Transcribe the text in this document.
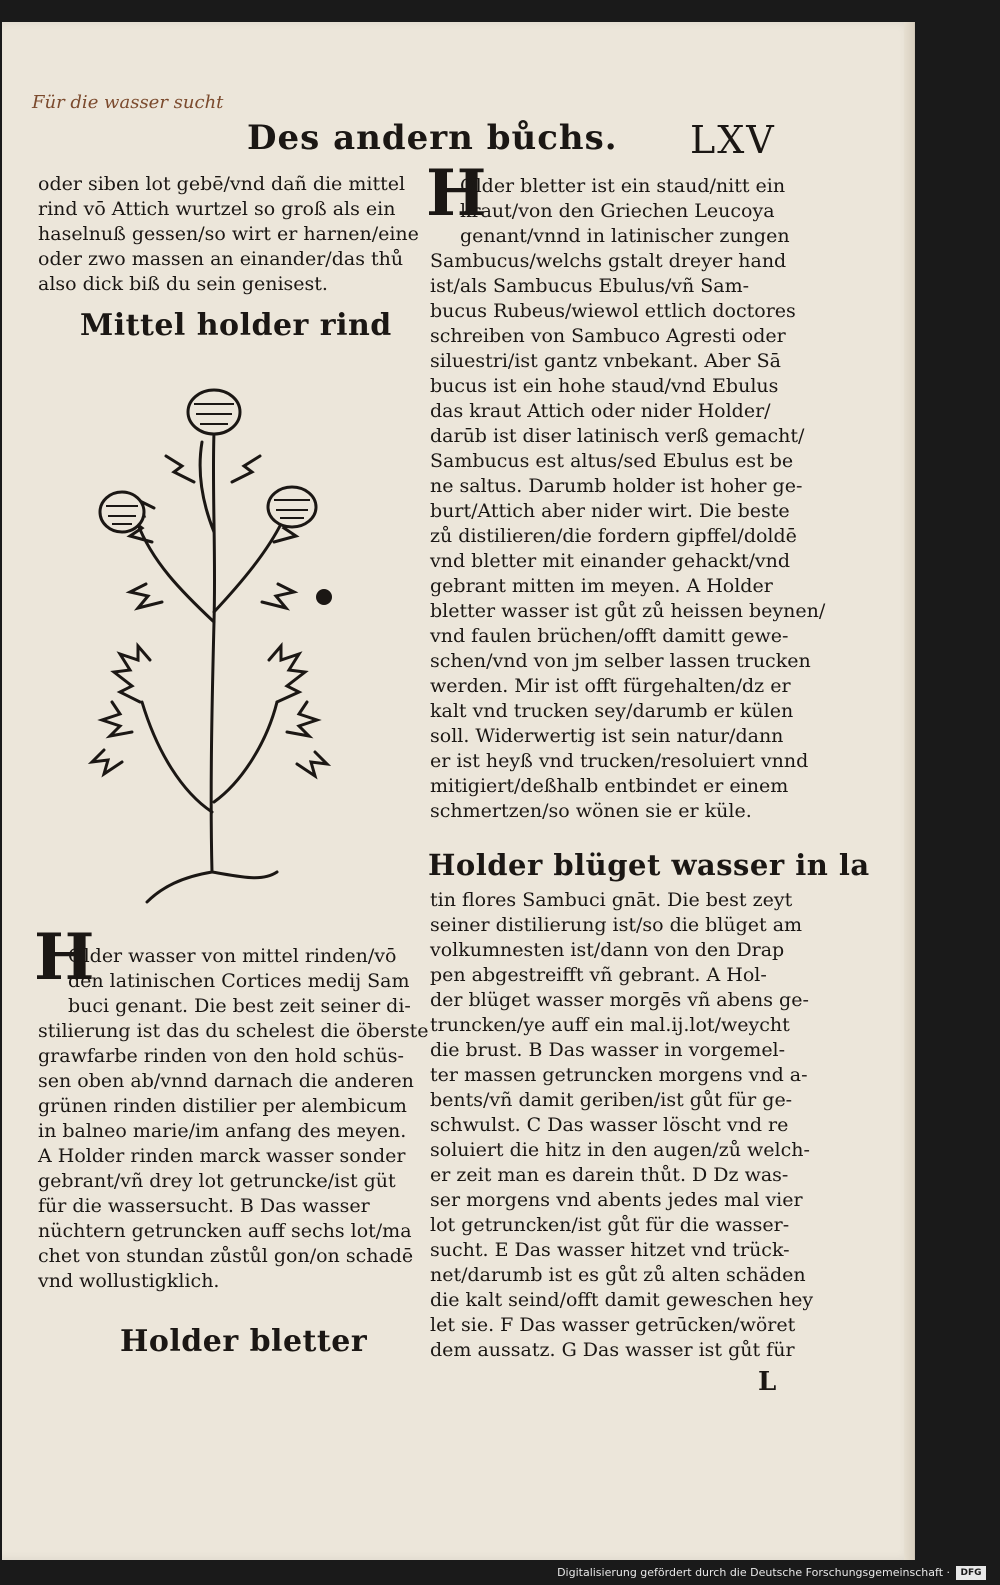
Für die wasser sucht
Des andern bůchs. LXV

oder siben lot gebē/vnd dañ die mittel

rind vō Attich wurtzel so groß als ein

haselnuß gessen/so wirt er harnen/eine

oder zwo massen an einander/das thů

also dick biß du sein genisest.

Mittel holder rind
H

Older wasser von mittel rinden/vō

den latinischen Cortices medij Sam

buci genant. Die best zeit seiner di-

stilierung ist das du schelest die öberste

grawfarbe rinden von den hold schüs-

sen oben ab/vnnd darnach die anderen

grünen rinden distilier per alembicum

in balneo marie/im anfang des meyen.

A Holder rinden marck wasser sonder

gebrant/vñ drey lot getruncke/ist güt

für die wassersucht. B Das wasser

nüchtern getruncken auff sechs lot/ma

chet von stundan zůstůl gon/on schadē

vnd wollustigklich.

Holder bletter
H

Older bletter ist ein staud/nitt ein

kraut/von den Griechen Leucoya

genant/vnnd in latinischer zungen

Sambucus/welchs gstalt dreyer hand

ist/als Sambucus Ebulus/vñ Sam-

bucus Rubeus/wiewol ettlich doctores

schreiben von Sambuco Agresti oder

siluestri/ist gantz vnbekant. Aber Sā

bucus ist ein hohe staud/vnd Ebulus

das kraut Attich oder nider Holder/

darūb ist diser latinisch verß gemacht/

Sambucus est altus/sed Ebulus est be

ne saltus. Darumb holder ist hoher ge-

burt/Attich aber nider wirt. Die beste

zů distilieren/die fordern gipffel/doldē

vnd bletter mit einander gehackt/vnd

gebrant mitten im meyen. A Holder

bletter wasser ist gůt zů heissen beynen/

vnd faulen brüchen/offt damitt gewe-

schen/vnd von jm selber lassen trucken

werden. Mir ist offt fürgehalten/dz er

kalt vnd trucken sey/darumb er külen

soll. Widerwertig ist sein natur/dann

er ist heyß vnd trucken/resoluiert vnnd

mitigiert/deßhalb entbindet er einem

schmertzen/so wönen sie er küle.

Holder blüget wasser in la

tin flores Sambuci gnāt. Die best zeyt

seiner distilierung ist/so die blüget am

volkumnesten ist/dann von den Drap

pen abgestreifft vñ gebrant. A Hol-

der blüget wasser morgēs vñ abens ge-

truncken/ye auff ein mal.ij.lot/weycht

die brust. B Das wasser in vorgemel-

ter massen getruncken morgens vnd a-

bents/vñ damit geriben/ist gůt für ge-

schwulst. C Das wasser löscht vnd re

soluiert die hitz in den augen/zů welch-

er zeit man es darein thůt. D Dz was-

ser morgens vnd abents jedes mal vier

lot getruncken/ist gůt für die wasser-

sucht. E Das wasser hitzet vnd trück-

net/darumb ist es gůt zů alten schäden

die kalt seind/offt damit geweschen hey

let sie. F Das wasser getrūcken/wöret

dem aussatz. G Das wasser ist gůt für

L
Digitalisierung gefördert durch die Deutsche Forschungsgemeinschaft ·	DFG
